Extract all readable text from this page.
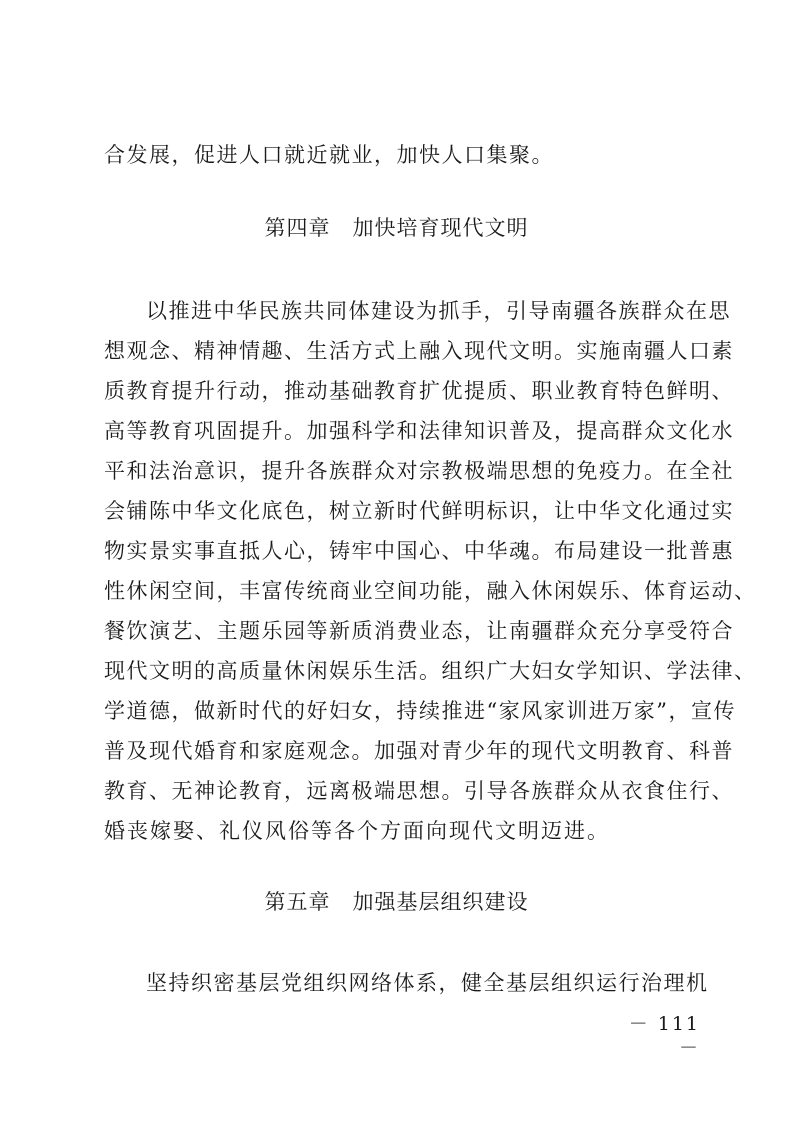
合发展，促进人口就近就业，加快人口集聚。
第四章　加快培育现代文明
以推进中华民族共同体建设为抓手，引导南疆各族群众在思
想观念、精神情趣、生活方式上融入现代文明。实施南疆人口素
质教育提升行动，推动基础教育扩优提质、职业教育特色鲜明、
高等教育巩固提升。加强科学和法律知识普及，提高群众文化水
平和法治意识，提升各族群众对宗教极端思想的免疫力。在全社
会铺陈中华文化底色，树立新时代鲜明标识，让中华文化通过实
物实景实事直抵人心，铸牢中国心、中华魂。布局建设一批普惠
性休闲空间，丰富传统商业空间功能，融入休闲娱乐、体育运动、
餐饮演艺、主题乐园等新质消费业态，让南疆群众充分享受符合
现代文明的高质量休闲娱乐生活。组织广大妇女学知识、学法律、
学道德，做新时代的好妇女，持续推进“家风家训进万家”，宣传
普及现代婚育和家庭观念。加强对青少年的现代文明教育、科普
教育、无神论教育，远离极端思想。引导各族群众从衣食住行、
婚丧嫁娶、礼仪风俗等各个方面向现代文明迈进。
第五章　加强基层组织建设
坚持织密基层党组织网络体系，健全基层组织运行治理机
－ 111 －
